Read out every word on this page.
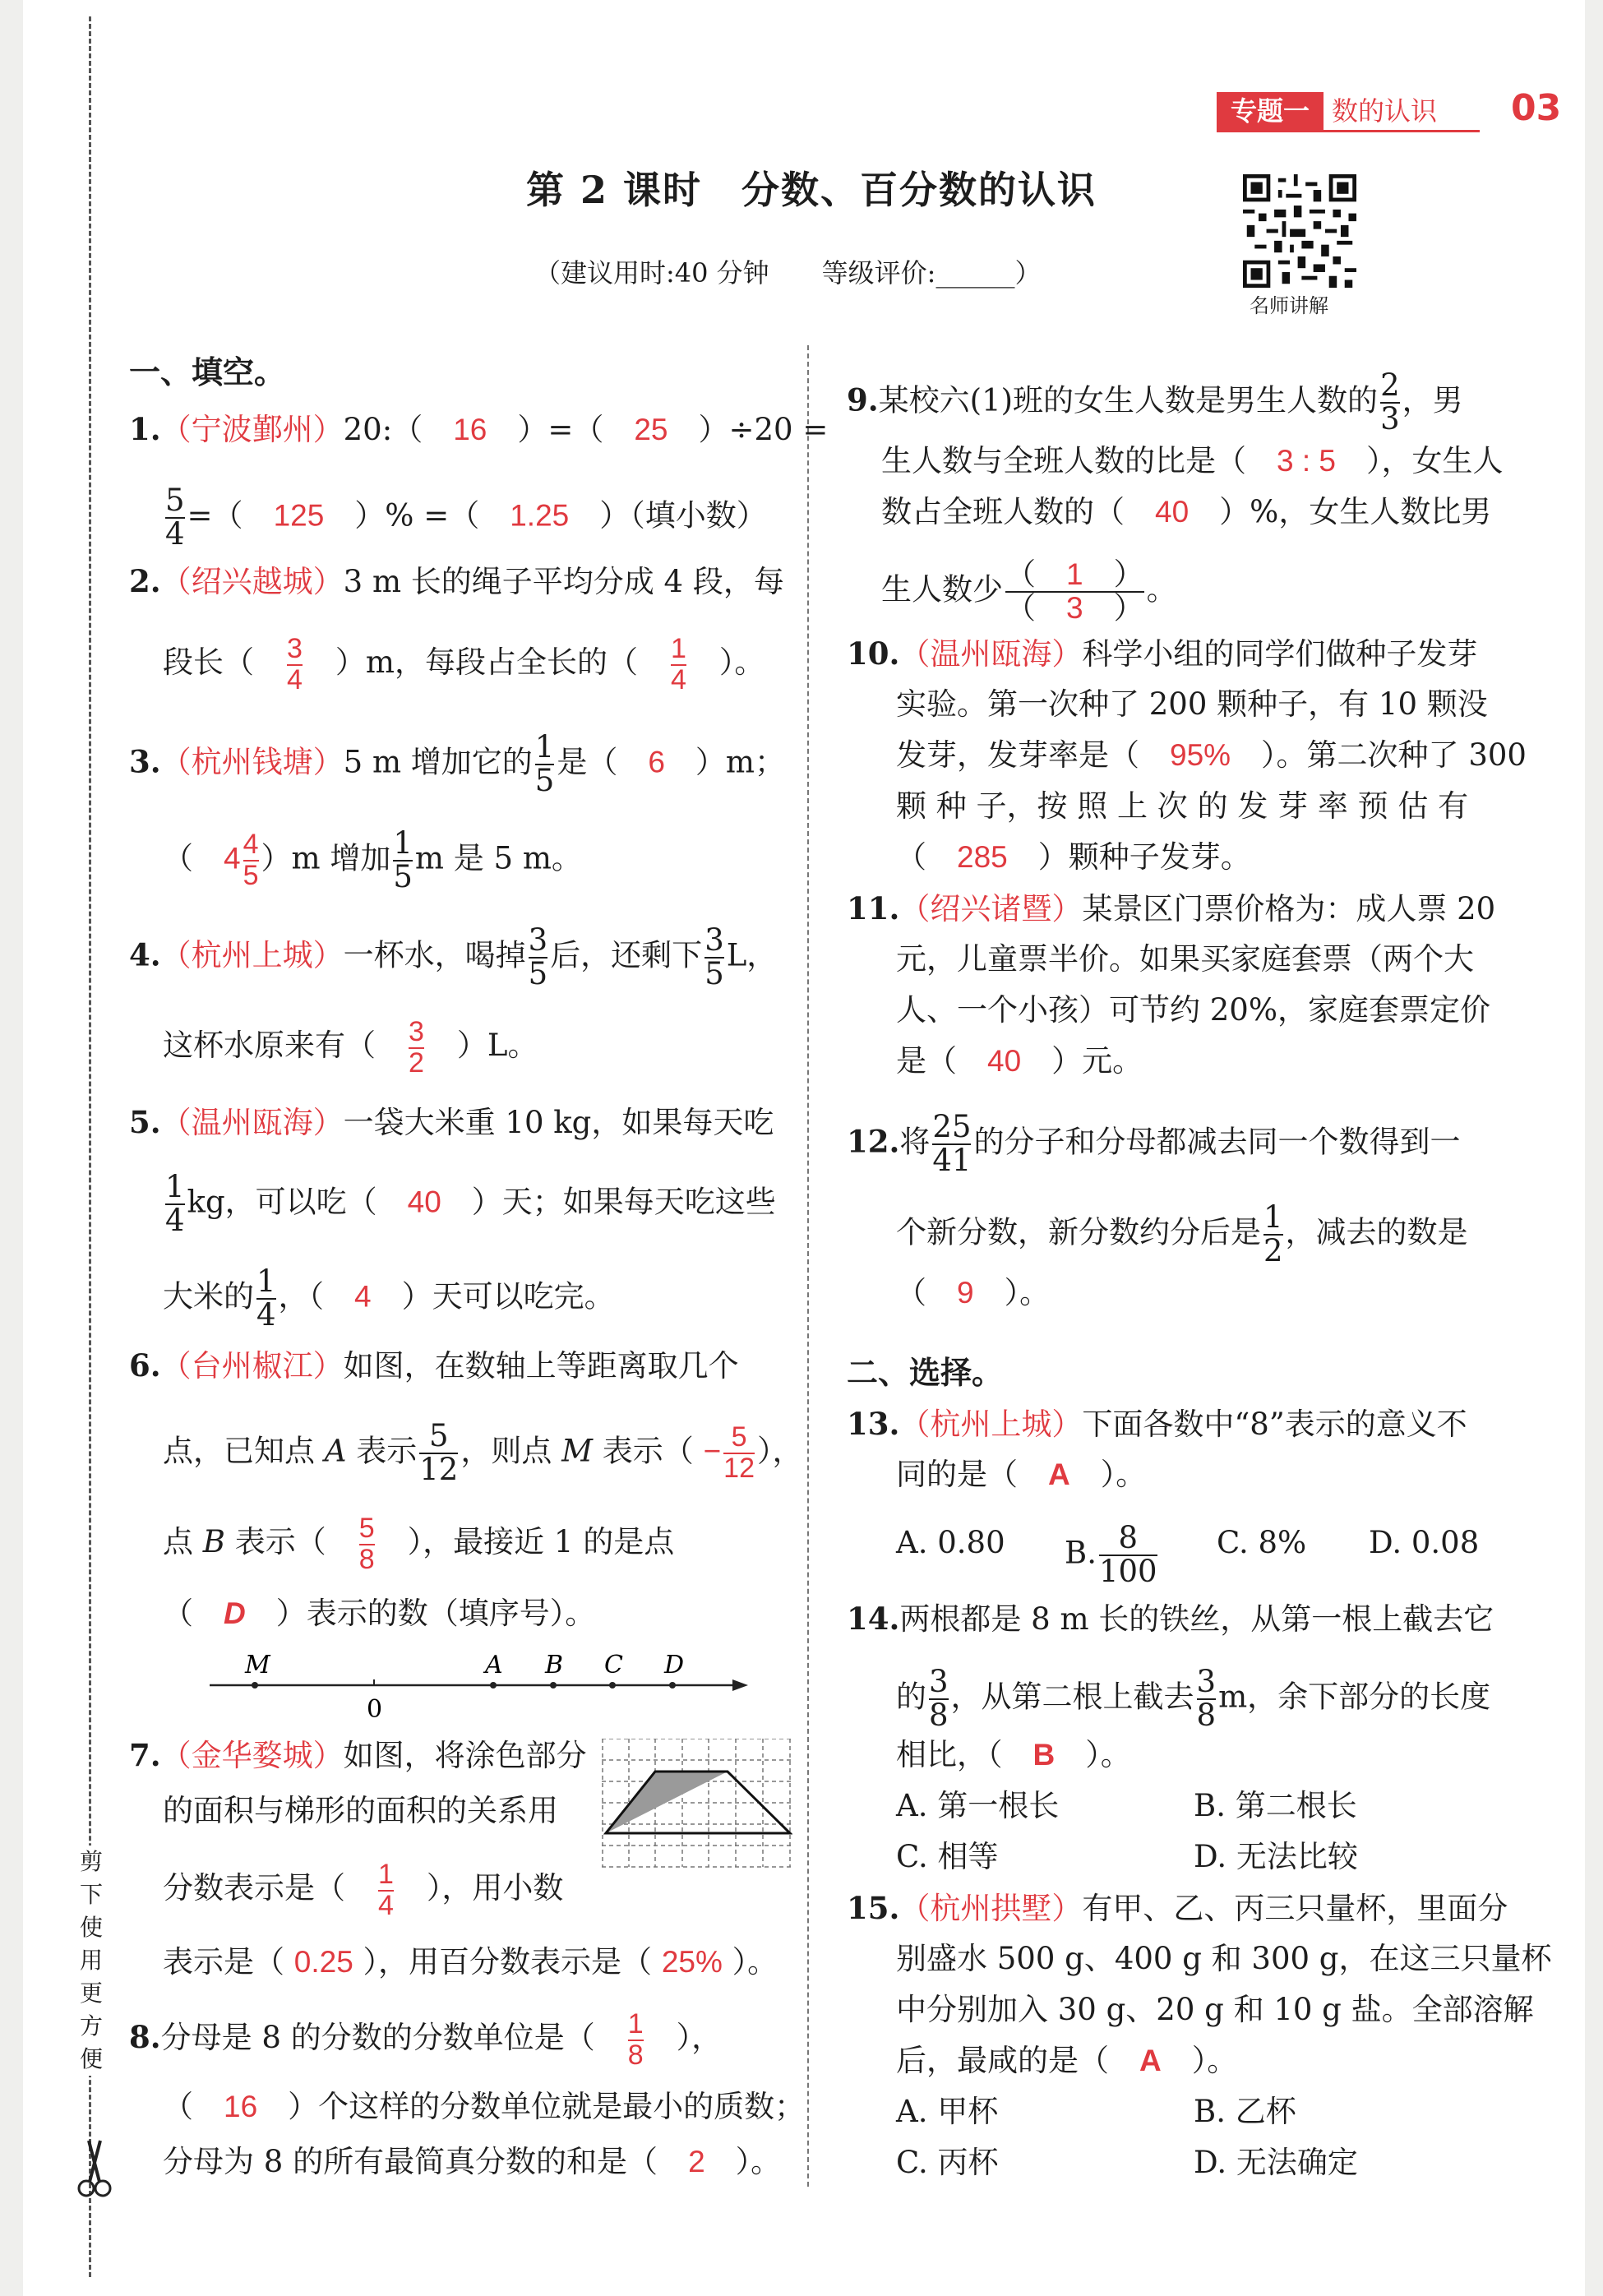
剪
下
使
用
更
方
便
专题一 数的认识 03
第 2 课时　分数、百分数的认识
（建议用时:40 分钟　　等级评价:______）
名师讲解
一、填空。
1.（宁波鄞州）20:（　16　）=（　25　）÷20 =
$\frac{5}{4}$ =（　125　）% =（　1.25　）（填小数）
2.（绍兴越城）3 m 长的绳子平均分成 4 段，每
段长（　 $\frac{3}{4}$ 　）m，每段占全长的（　 $\frac{1}{4}$ 　）。
3.（杭州钱塘）5 m 增加它的 $\frac{1}{5}$ 是（　6　）m；
（　$4 \frac{4}{5} )m$ 增加 $\frac{1}{5}$ m 是 5 m。
4.（杭州上城）一杯水，喝掉 $\frac{3}{5}$ 后，还剩下 $\frac{3}{5}$ L，
这杯水原来有（　 $\frac{3}{2}$ 　）L。
5.（温州瓯海）一袋大米重 10 kg，如果每天吃
$\frac{1}{4}$ kg，可以吃（　40　）天；如果每天吃这些
大米的 $\frac{1}{4}$ ，（　4　）天可以吃完。
6.（台州椒江）如图，在数轴上等距离取几个
点，已知点 A 表示 $\frac{5}{12}$ ，则点 M 表示（ − $\frac{5}{12}$ ），
点 B 表示（　 $\frac{5}{8}$ 　），最接近 1 的是点
（　D　）表示的数（填序号）。
M	A B C D
0
7.（金华婺城）如图，将涂色部分
的面积与梯形的面积的关系用
分数表示是（　 $\frac{1}{4}$ 　），用小数
表示是（ 0.25 ），用百分数表示是（ 25% ）。
8.分母是 8 的分数的分数单位是（　 $\frac{1}{8}$ 　），
（　16　）个这样的分数单位就是最小的质数；
分母为 8 的所有最简真分数的和是（　2　）。
9.某校六(1)班的女生人数是男生人数的 $\frac{2}{3}$ ，男
生人数与全班人数的比是（　3 : 5　），女生人
数占全班人数的（　40　）%，女生人数比男
生人数少 $\frac{( 1 )}{( 3 )}$ 。
10.（温州瓯海）科学小组的同学们做种子发芽
实验。第一次种了 200 颗种子，有 10 颗没
发芽，发芽率是（　95%　）。第二次种了 300
颗 种 子，按 照 上 次 的 发 芽 率 预 估 有
（　285　）颗种子发芽。
11.（绍兴诸暨）某景区门票价格为：成人票 20
元，儿童票半价。如果买家庭套票（两个大
人、一个小孩）可节约 20%，家庭套票定价
是（　40　）元。
12.将 $\frac{25}{41}$ 的分子和分母都减去同一个数得到一
个新分数，新分数约分后是 $\frac{1}{2}$ ，减去的数是
（　9　）。
二、选择。
13.（杭州上城）下面各数中“8”表示的意义不
同的是（　A　）。
A. 0.80 B. $\frac{8}{100} C$. 8% D. 0.08
14.两根都是 8 m 长的铁丝，从第一根上截去它
的 $\frac{3}{8}$ ，从第二根上截去 $\frac{3}{8}$ m，余下部分的长度
相比，（　B　）。
A. 第一根长	B. 第二根长
C. 相等	D. 无法比较
15.（杭州拱墅）有甲、乙、丙三只量杯，里面分
别盛水 500 g、400 g 和 300 g，在这三只量杯
中分别加入 30 g、20 g 和 10 g 盐。全部溶解
后，最咸的是（　A　）。
A. 甲杯	B. 乙杯
C. 丙杯	D. 无法确定
